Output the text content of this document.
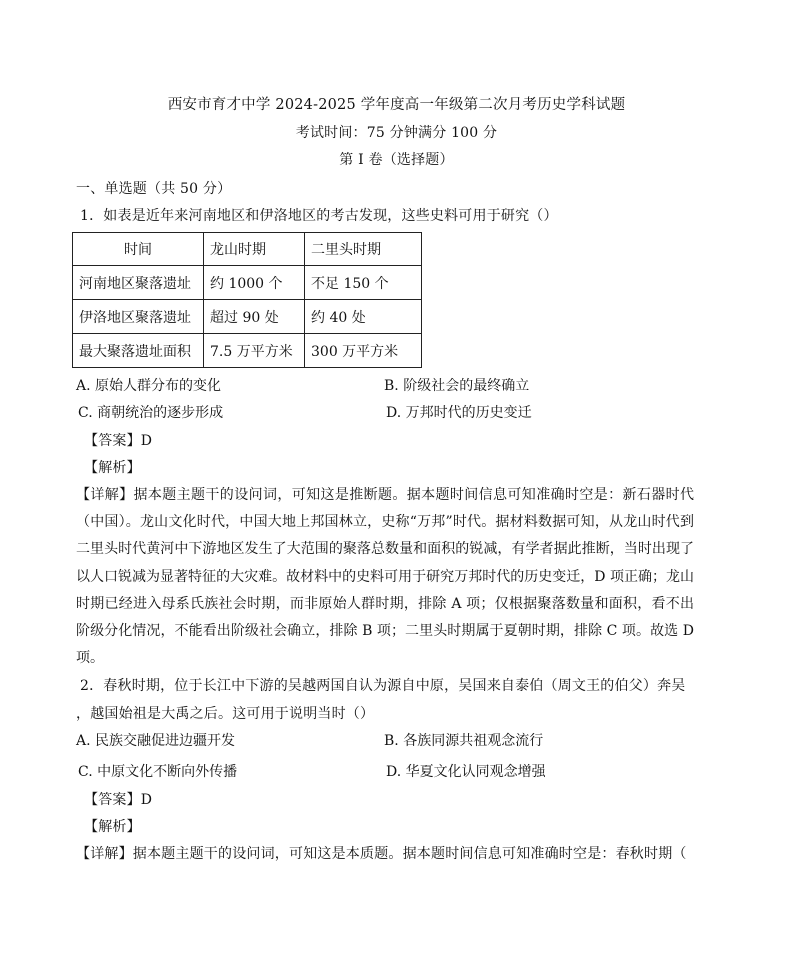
西安市育才中学 2024-2025 学年度高一年级第二次月考历史学科试题
考试时间：75 分钟满分 100 分
第 I 卷（选择题）
一、单选题（共 50 分）
1．如表是近年来河南地区和伊洛地区的考古发现，这些史料可用于研究（）
时间	龙山时期	二里头时期
河南地区聚落遗址	约 1000 个	不足 150 个
伊洛地区聚落遗址	超过 90 处	约 40 处
最大聚落遗址面积	7.5 万平方米	300 万平方米
A. 原始人群分布的变化	B. 阶级社会的最终确立
C. 商朝统治的逐步形成	D. 万邦时代的历史变迁
【答案】D
【解析】
【详解】据本题主题干的设问词，可知这是推断题。据本题时间信息可知准确时空是：新石器时代（中国）。龙山文化时代，中国大地上邦国林立，史称“万邦”时代。据材料数据可知，从龙山时代到二里头时代黄河中下游地区发生了大范围的聚落总数量和面积的锐减，有学者据此推断，当时出现了以人口锐减为显著特征的大灾难。故材料中的史料可用于研究万邦时代的历史变迁，D 项正确；龙山时期已经进入母系氏族社会时期，而非原始人群时期，排除 A 项；仅根据聚落数量和面积，看不出阶级分化情况，不能看出阶级社会确立，排除 B 项；二里头时期属于夏朝时期，排除 C 项。故选 D 项。
2．春秋时期，位于长江中下游的吴越两国自认为源自中原，吴国来自泰伯（周文王的伯父）奔吴
，越国始祖是大禹之后。这可用于说明当时（）
A. 民族交融促进边疆开发	B. 各族同源共祖观念流行
C. 中原文化不断向外传播	D. 华夏文化认同观念增强
【答案】D
【解析】
【详解】据本题主题干的设问词，可知这是本质题。据本题时间信息可知准确时空是：春秋时期（
